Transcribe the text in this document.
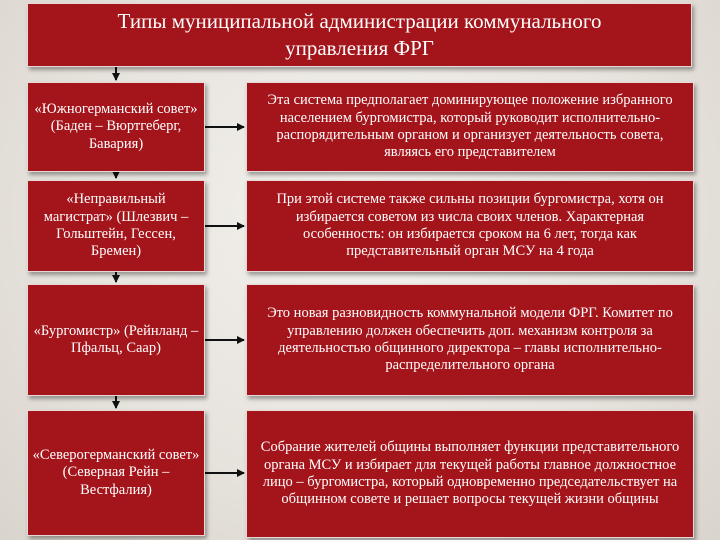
Типы муниципальной администрации коммунального управления ФРГ
«Южногерманский совет» (Баден – Вюртгеберг, Бавария)
«Неправильный магистрат» (Шлезвич – Гольштейн, Гессен, Бремен)
«Бургомистр» (Рейнланд – Пфальц, Саар)
«Северогерманский совет» (Северная Рейн – Вестфалия)
Эта система предполагает доминирующее положение избранного населением бургомистра, который руководит исполнительно-распорядительным органом и организует деятельность совета, являясь его представителем
При этой системе также сильны позиции бургомистра, хотя он избирается советом из числа своих членов. Характерная особенность: он избирается сроком на 6 лет, тогда как представительный орган МСУ на 4 года
Это новая разновидность коммунальной модели ФРГ. Комитет по управлению должен обеспечить доп. механизм контроля за деятельностью общинного директора – главы исполнительно-распределительного органа
Собрание жителей общины выполняет функции представительного органа МСУ и избирает для текущей работы главное должностное лицо – бургомистра, который одновременно председательствует на общинном совете и решает вопросы текущей жизни общины
